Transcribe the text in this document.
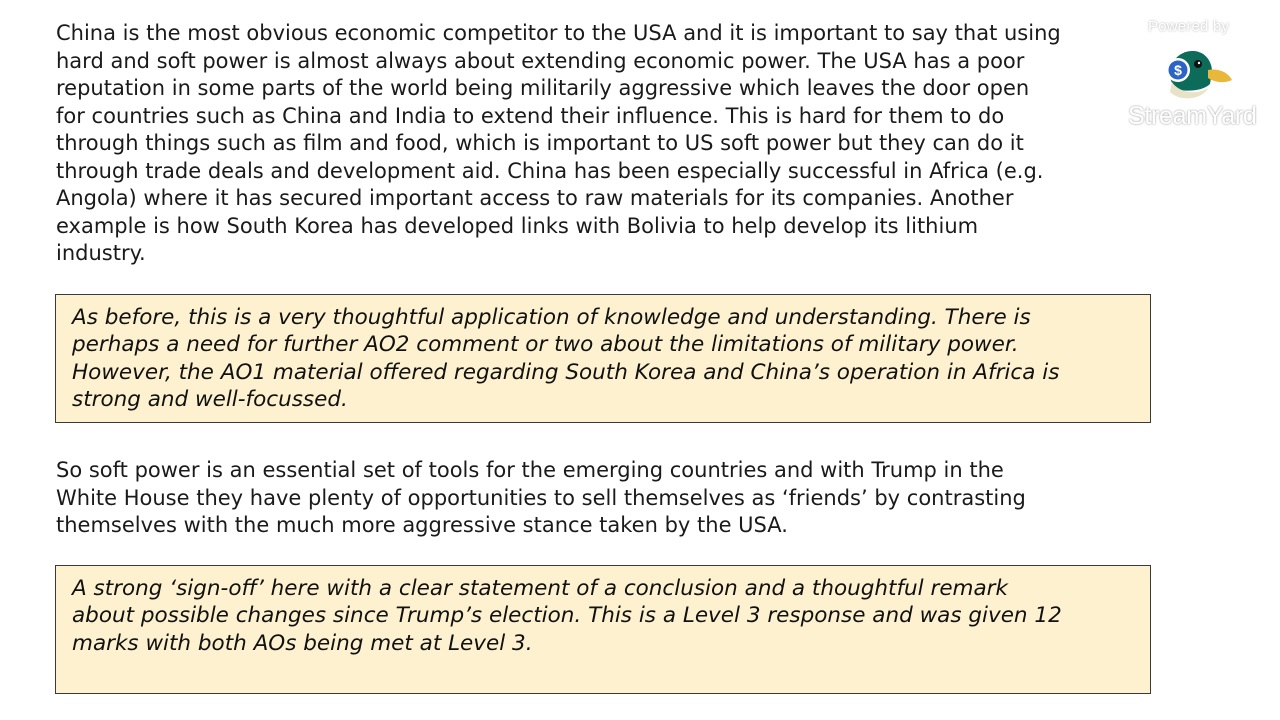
China is the most obvious economic competitor to the USA and it is important to say that using
hard and soft power is almost always about extending economic power. The USA has a poor
reputation in some parts of the world being militarily aggressive which leaves the door open
for countries such as China and India to extend their influence. This is hard for them to do
through things such as film and food, which is important to US soft power but they can do it
through trade deals and development aid. China has been especially successful in Africa (e.g.
Angola) where it has secured important access to raw materials for its companies. Another
example is how South Korea has developed links with Bolivia to help develop its lithium
industry.
As before, this is a very thoughtful application of knowledge and understanding. There is
perhaps a need for further AO2 comment or two about the limitations of military power.
However, the AO1 material offered regarding South Korea and China’s operation in Africa is
strong and well-focussed.
So soft power is an essential set of tools for the emerging countries and with Trump in the
White House they have plenty of opportunities to sell themselves as ‘friends’ by contrasting
themselves with the much more aggressive stance taken by the USA.
A strong ‘sign-off’ here with a clear statement of a conclusion and a thoughtful remark
about possible changes since Trump’s election. This is a Level 3 response and was given 12
marks with both AOs being met at Level 3.
Powered by
$
StreamYard
